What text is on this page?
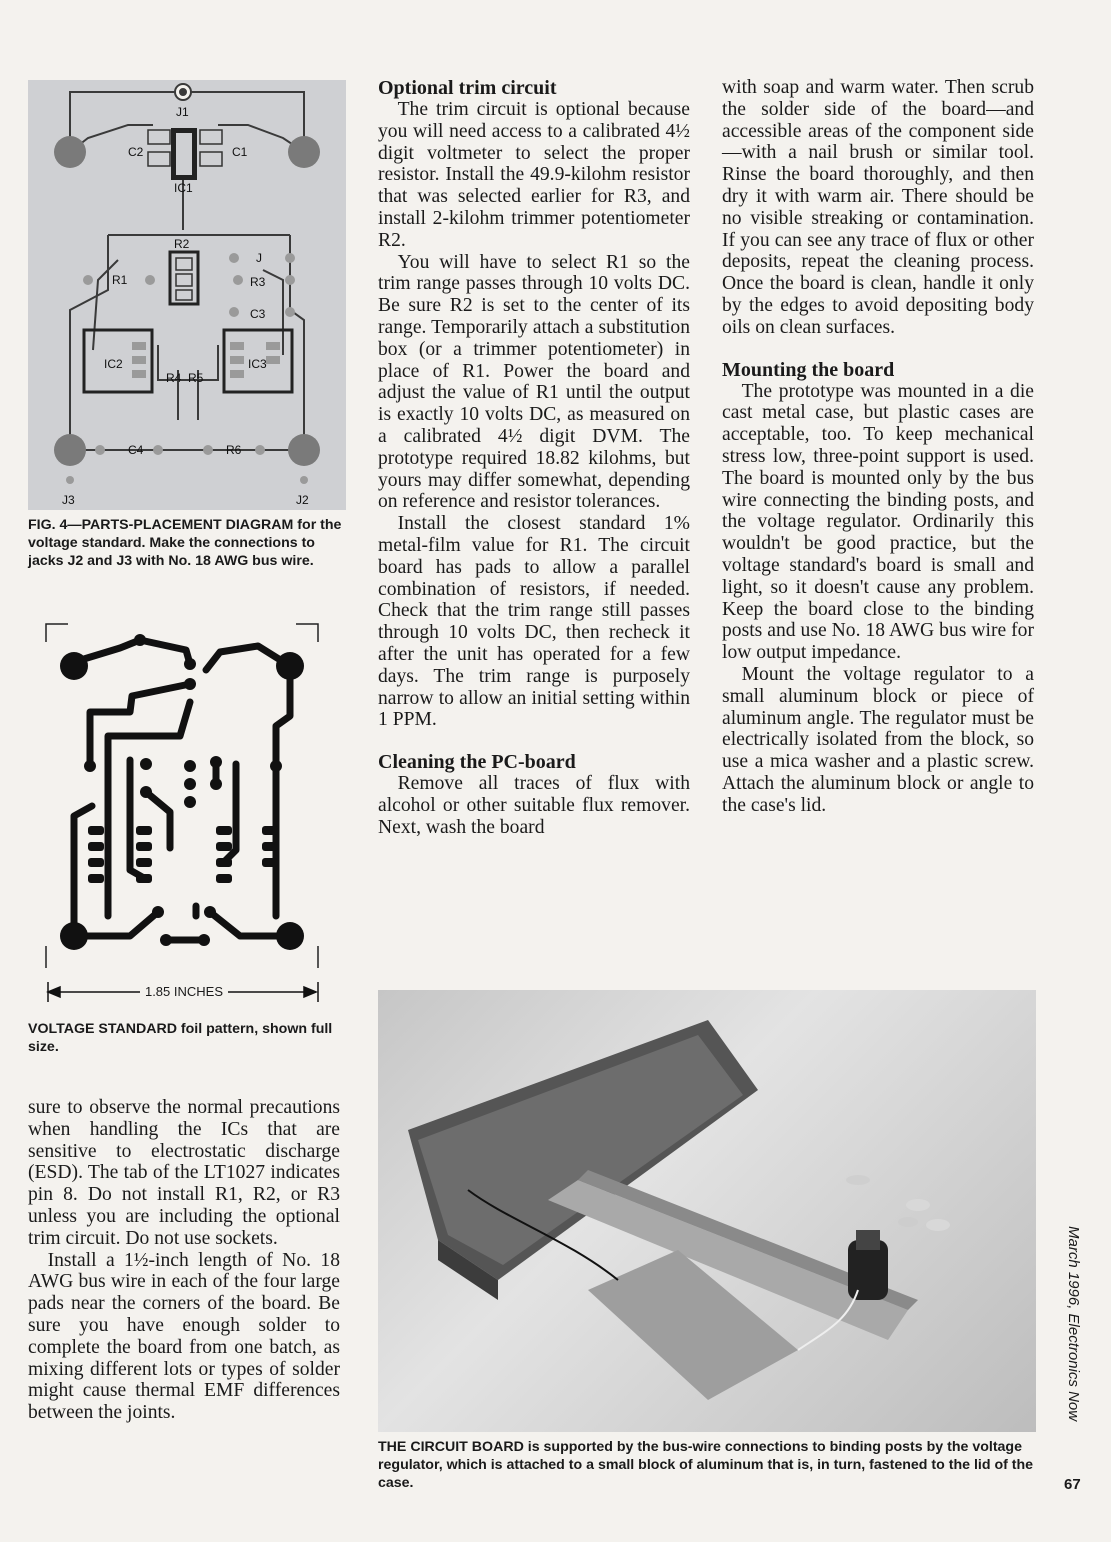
J1
C2	C1
IC1
R2
J
R1	R3
C3
IC2	IC3
R4 R5
C4	R6
J3	J2

FIG. 4—PARTS-PLACEMENT DIAGRAM for the voltage standard. Make the connections to jacks J2 and J3 with No. 18 AWG bus wire.

1.85 INCHES

VOLTAGE STANDARD foil pattern, shown full size.

sure to observe the normal precautions when handling the ICs that are sensitive to electrostatic discharge (ESD). The tab of the LT1027 indicates pin 8. Do not install R1, R2, or R3 unless you are including the optional trim circuit. Do not use sockets.

Install a 1½-inch length of No. 18 AWG bus wire in each of the four large pads near the corners of the board. Be sure you have enough solder to complete the board from one batch, as mixing different lots or types of solder might cause thermal EMF differences between the joints.

Optional trim circuit

The trim circuit is optional because you will need access to a calibrated 4½ digit voltmeter to select the proper resistor. Install the 49.9-kilohm resistor that was selected earlier for R3, and install 2-kilohm trimmer potentiometer R2.

You will have to select R1 so the trim range passes through 10 volts DC. Be sure R2 is set to the center of its range. Temporarily attach a substitution box (or a trimmer potentiometer) in place of R1. Power the board and adjust the value of R1 until the output is exactly 10 volts DC, as measured on a calibrated 4½ digit DVM. The prototype required 18.82 kilohms, but yours may differ somewhat, depending on reference and resistor tolerances.

Install the closest standard 1% metal-film value for R1. The circuit board has pads to allow a parallel combination of resistors, if needed. Check that the trim range still passes through 10 volts DC, then recheck it after the unit has operated for a few days. The trim range is purposely narrow to allow an initial setting within 1 PPM.

Cleaning the PC-board

Remove all traces of flux with alcohol or other suitable flux remover. Next, wash the board

with soap and warm water. Then scrub the solder side of the board—and accessible areas of the component side—with a nail brush or similar tool. Rinse the board thoroughly, and then dry it with warm air. There should be no visible streaking or contamination. If you can see any trace of flux or other deposits, repeat the cleaning process. Once the board is clean, handle it only by the edges to avoid depositing body oils on clean surfaces.

Mounting the board

The prototype was mounted in a die cast metal case, but plastic cases are acceptable, too. To keep mechanical stress low, three-point support is used. The board is mounted only by the bus wire connecting the binding posts, and the voltage regulator. Ordinarily this wouldn't be good practice, but the voltage standard's board is small and light, so it doesn't cause any problem. Keep the board close to the binding posts and use No. 18 AWG bus wire for low output impedance.

Mount the voltage regulator to a small aluminum block or piece of aluminum angle. The regulator must be electrically isolated from the block, so use a mica washer and a plastic screw. Attach the aluminum block or angle to the case's lid.

THE CIRCUIT BOARD is supported by the bus-wire connections to binding posts by the voltage regulator, which is attached to a small block of aluminum that is, in turn, fastened to the lid of the case.

March 1996, Electronics Now
67
